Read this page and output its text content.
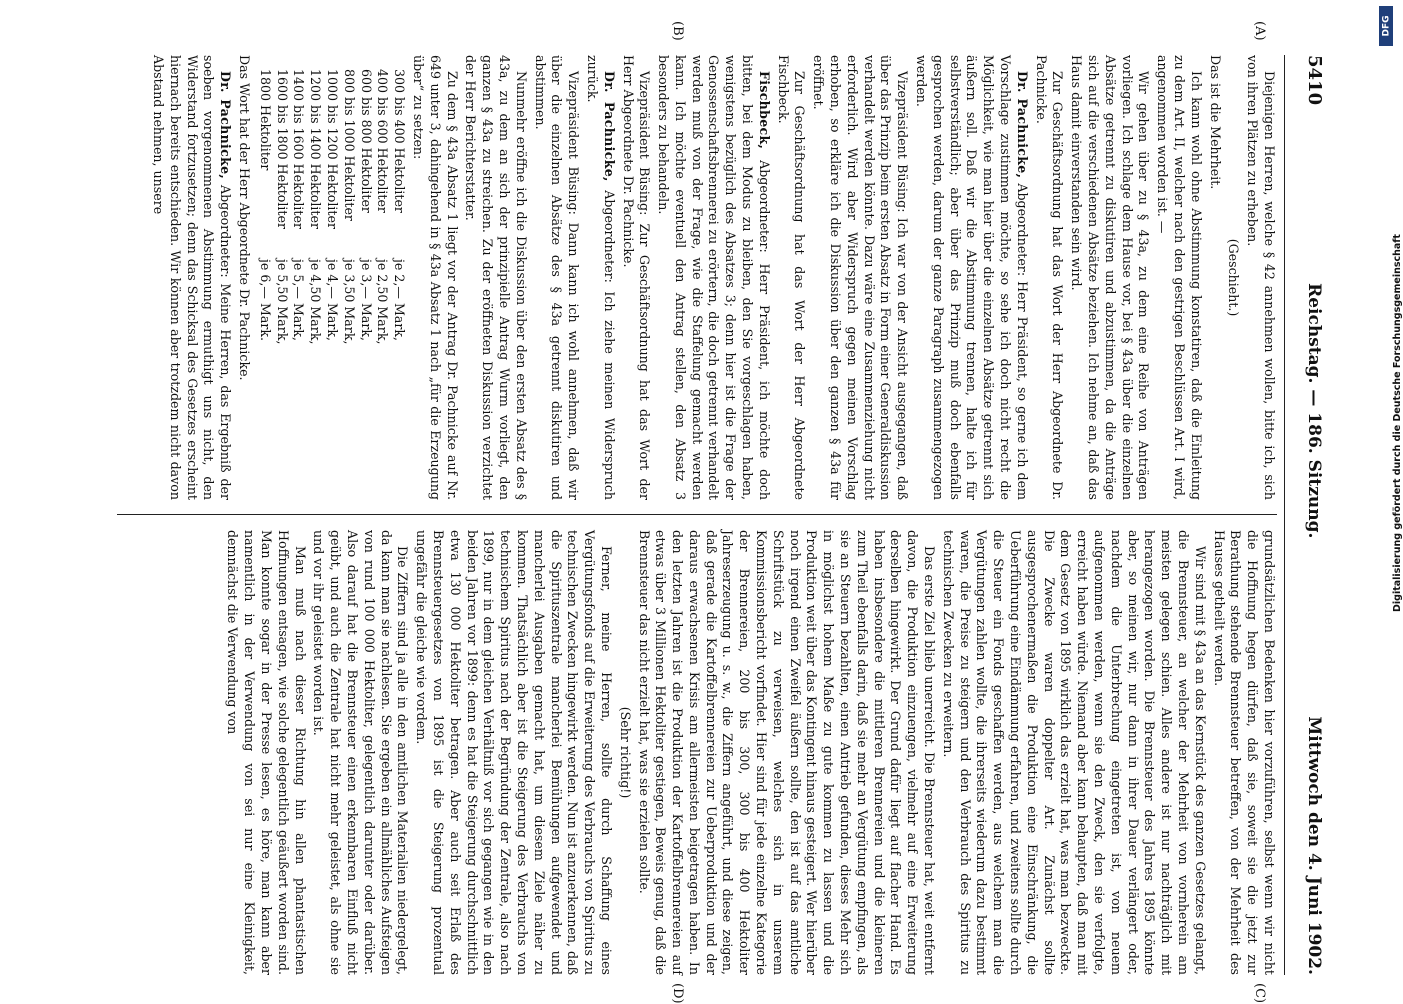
5410
Reichstag. — 186. Sitzung.
Mittwoch den 4. Juni 1902.

Diejenigen Herren, welche § 42 annehmen wollen, bitte ich, sich von ihren Plätzen zu erheben.

(Geschieht.)

Das ist die Mehrheit.

Ich kann wohl ohne Abstimmung konstatiren, daß die Einleitung zu dem Art. II, welcher nach den gestrigen Beschlüssen Art. I wird, angenommen worden ist. —

Wir gehen über zu § 43a, zu dem eine Reihe von Anträgen vorliegen. Ich schlage dem Hause vor, bei § 43a über die einzelnen Absätze getrennt zu diskutiren und abzustimmen, da die Anträge sich auf die verschiedenen Absätze beziehen. Ich nehme an, daß das Haus damit einverstanden sein wird.

Zur Geschäftsordnung hat das Wort der Herr Abgeordnete Dr. Pachnicke.

Dr. Pachnicke, Abgeordneter: Herr Präsident, so gerne ich dem Vorschlage zustimmen möchte, so sehe ich doch nicht recht die Möglichkeit, wie man hier über die einzelnen Absätze getrennt sich äußern soll. Daß wir die Abstimmung trennen, halte ich für selbstverständlich; aber über das Prinzip muß doch ebenfalls gesprochen werden, darum der ganze Paragraph zusammengezogen werden.

Vizepräsident Büsing: Ich war von der Ansicht ausgegangen, daß über das Prinzip beim ersten Absatz in Form einer Generaldiskussion verhandelt werden könnte. Dazu wäre eine Zusammenziehung nicht erforderlich. Wird aber Widerspruch gegen meinen Vorschlag erhoben, so erkläre ich die Diskussion über den ganzen § 43a für eröffnet.

Zur Geschäftsordnung hat das Wort der Herr Abgeordnete Fischbeck.

Fischbeck, Abgeordneter: Herr Präsident, ich möchte doch bitten, bei dem Modus zu bleiben, den Sie vorgeschlagen haben, wenigstens bezüglich des Absatzes 3; denn hier ist die Frage der Genossenschaftsbrennerei zu erörtern, die doch getrennt verhandelt werden muß von der Frage, wie die Staffelung gemacht werden kann. Ich möchte eventuell den Antrag stellen, den Absatz 3 besonders zu behandeln.

Vizepräsident Büsing: Zur Geschäftsordnung hat das Wort der Herr Abgeordnete Dr. Pachnicke.

Dr. Pachnicke, Abgeordneter: Ich ziehe meinen Widerspruch zurück.

Vizepräsident Büsing: Dann kann ich wohl annehmen, daß wir über die einzelnen Absätze des § 43a getrennt diskutiren und abstimmen.

Nunmehr eröffne ich die Diskussion über den ersten Absatz des § 43a, zu dem an sich der prinzipielle Antrag Wurm vorliegt, den ganzen § 43a zu streichen. Zu der eröffneten Diskussion verzichtet der Herr Berichterstatter.

Zu dem § 43a Absatz 1 liegt vor der Antrag Dr. Pachnicke auf Nr. 649 unter 3, dahingehend in § 43a Absatz 1 nach „für die Erzeugung über“ zu setzen:

300 bis 400 Hektoliter
je 2,— Mark,
400 bis 600 Hektoliter
je 2,50 Mark,
600 bis 800 Hektoliter
je 3,— Mark,
800 bis 1000 Hektoliter
je 3,50 Mark,
1000 bis 1200 Hektoliter
je 4,— Mark,
1200 bis 1400 Hektoliter
je 4,50 Mark,
1400 bis 1600 Hektoliter
je 5,— Mark,
1600 bis 1800 Hektoliter
je 5,50 Mark,
1800 Hektoliter
je 6,— Mark.

Das Wort hat der Herr Abgeordnete Dr. Pachnicke.

Dr. Pachnicke, Abgeordneter: Meine Herren, das Ergebniß der soeben vorgenommenen Abstimmung ermuthigt uns nicht, den Widerstand fortzusetzen; denn das Schicksal des Gesetzes erscheint hiernach bereits entschieden. Wir können aber trotzdem nicht davon Abstand nehmen, unsere

grundsätzlichen Bedenken hier vorzuführen, selbst wenn wir nicht die Hoffnung hegen dürfen, daß sie, soweit sie die jetzt zur Berathung stehende Brennsteuer betreffen, von der Mehrheit des Hauses getheilt werden.

Wir sind mit § 43a an das Kernstück des ganzen Gesetzes gelangt, die Brennsteuer, an welcher der Mehrheit von vornherein am meisten gelegen schien. Alles andere ist nur nachträglich mit herangezogen worden. Die Brennsteuer des Jahres 1895 könnte aber, so meinen wir, nur dann in ihrer Dauer verlängert oder, nachdem die Unterbrechung eingetreten ist, von neuem aufgenommen werden, wenn sie den Zweck, den sie verfolgte, erreicht haben würde. Niemand aber kann behaupten, daß man mit dem Gesetz von 1895 wirklich das erzielt hat, was man bezweckte. Die Zwecke waren doppelter Art. Zunächst sollte ausgesprochenermaßen die Produktion eine Einschränkung, die Ueberführung eine Eindämmung erfahren, und zweitens sollte durch die Steuer ein Fonds geschaffen werden, aus welchem man die Vergütungen zahlen wollte, die ihrerseits wiederum dazu bestimmt waren, die Preise zu steigern und den Verbrauch des Spiritus zu technischen Zwecken zu erweitern.

Das erste Ziel blieb unerreicht. Die Brennsteuer hat, weit entfernt davon, die Produktion einzuengen, vielmehr auf eine Erweiterung derselben hingewirkt. Der Grund dafür liegt auf flacher Hand. Es haben insbesondere die mittleren Brennereien und die kleineren zum Theil ebenfalls darin, daß sie mehr an Vergütung empfingen, als sie an Steuern bezahlten, einen Antrieb gefunden, dieses Mehr sich in möglichst hohem Maße zu gute kommen zu lassen und die Produktion weit über das Kontingent hinaus gesteigert. Wer hierüber noch irgend einen Zweifel äußern sollte, den ist auf das amtliche Schriftstück zu verweisen, welches sich in unserem Kommissionsbericht vorfindet. Hier sind für jede einzelne Kategorie der Brennereien, 200 bis 300, 300 bis 400 Hektoliter Jahreserzeugung u. s. w., die Ziffern angeführt, und diese zeigen, daß gerade die Kartoffelbrennereien zur Ueberproduktion und der daraus erwachsenen Krisis am allermeisten beigetragen haben. In den letzten Jahren ist die Produktion der Kartoffelbrennereien auf etwas über 3 Millionen Hektoliter gestiegen, Beweis genug, daß die Brennsteuer das nicht erzielt hat, was sie erzielen sollte.

(Sehr richtig!)

Ferner, meine Herren, sollte durch Schaffung eines Vergütungsfonds auf die Erweiterung des Verbrauchs von Spiritus zu technischen Zwecken hingewirkt werden. Nun ist anzuerkennen, daß die Spirituszentrale mancherlei Bemühungen aufgewendet und mancherlei Ausgaben gemacht hat, um diesem Ziele näher zu kommen. Thatsächlich aber ist die Steigerung des Verbrauchs von technischem Spiritus nach der Begründung der Zentrale, also nach 1899, nur in dem gleichen Verhältniß vor sich gegangen wie in den beiden Jahren vor 1899: denn es hat die Steigerung durchschnittlich etwa 130 000 Hektoliter betragen. Aber auch seit Erlaß des Brennsteuergesetzes von 1895 ist die Steigerung prozentual ungefähr die gleiche wie vordem.

Die Ziffern sind ja alle in den amtlichen Materialien niedergelegt, da kann man sie nachlesen. Sie ergeben ein allmähliches Aufsteigen von rund 100 000 Hektoliter, gelegentlich darunter oder darüber. Also darauf hat die Brennsteuer einen erkennbaren Einfluß nicht geübt, und auch die Zentrale hat nicht mehr geleistet, als ohne sie und vor ihr geleistet worden ist.

Man muß nach dieser Richtung hin allen phantastischen Hoffnungen entsagen, wie solche gelegentlich geäußert worden sind. Man konnte sogar in der Presse lesen, es höre, man kann aber namentlich in der Verwendung von sei nur eine Kleinigkeit, demnächst die Verwendung von

(A)
(B)
(C)
(D)
DFG
Digitalisierung gefördert durch die Deutsche Forschungsgemeinschaft
